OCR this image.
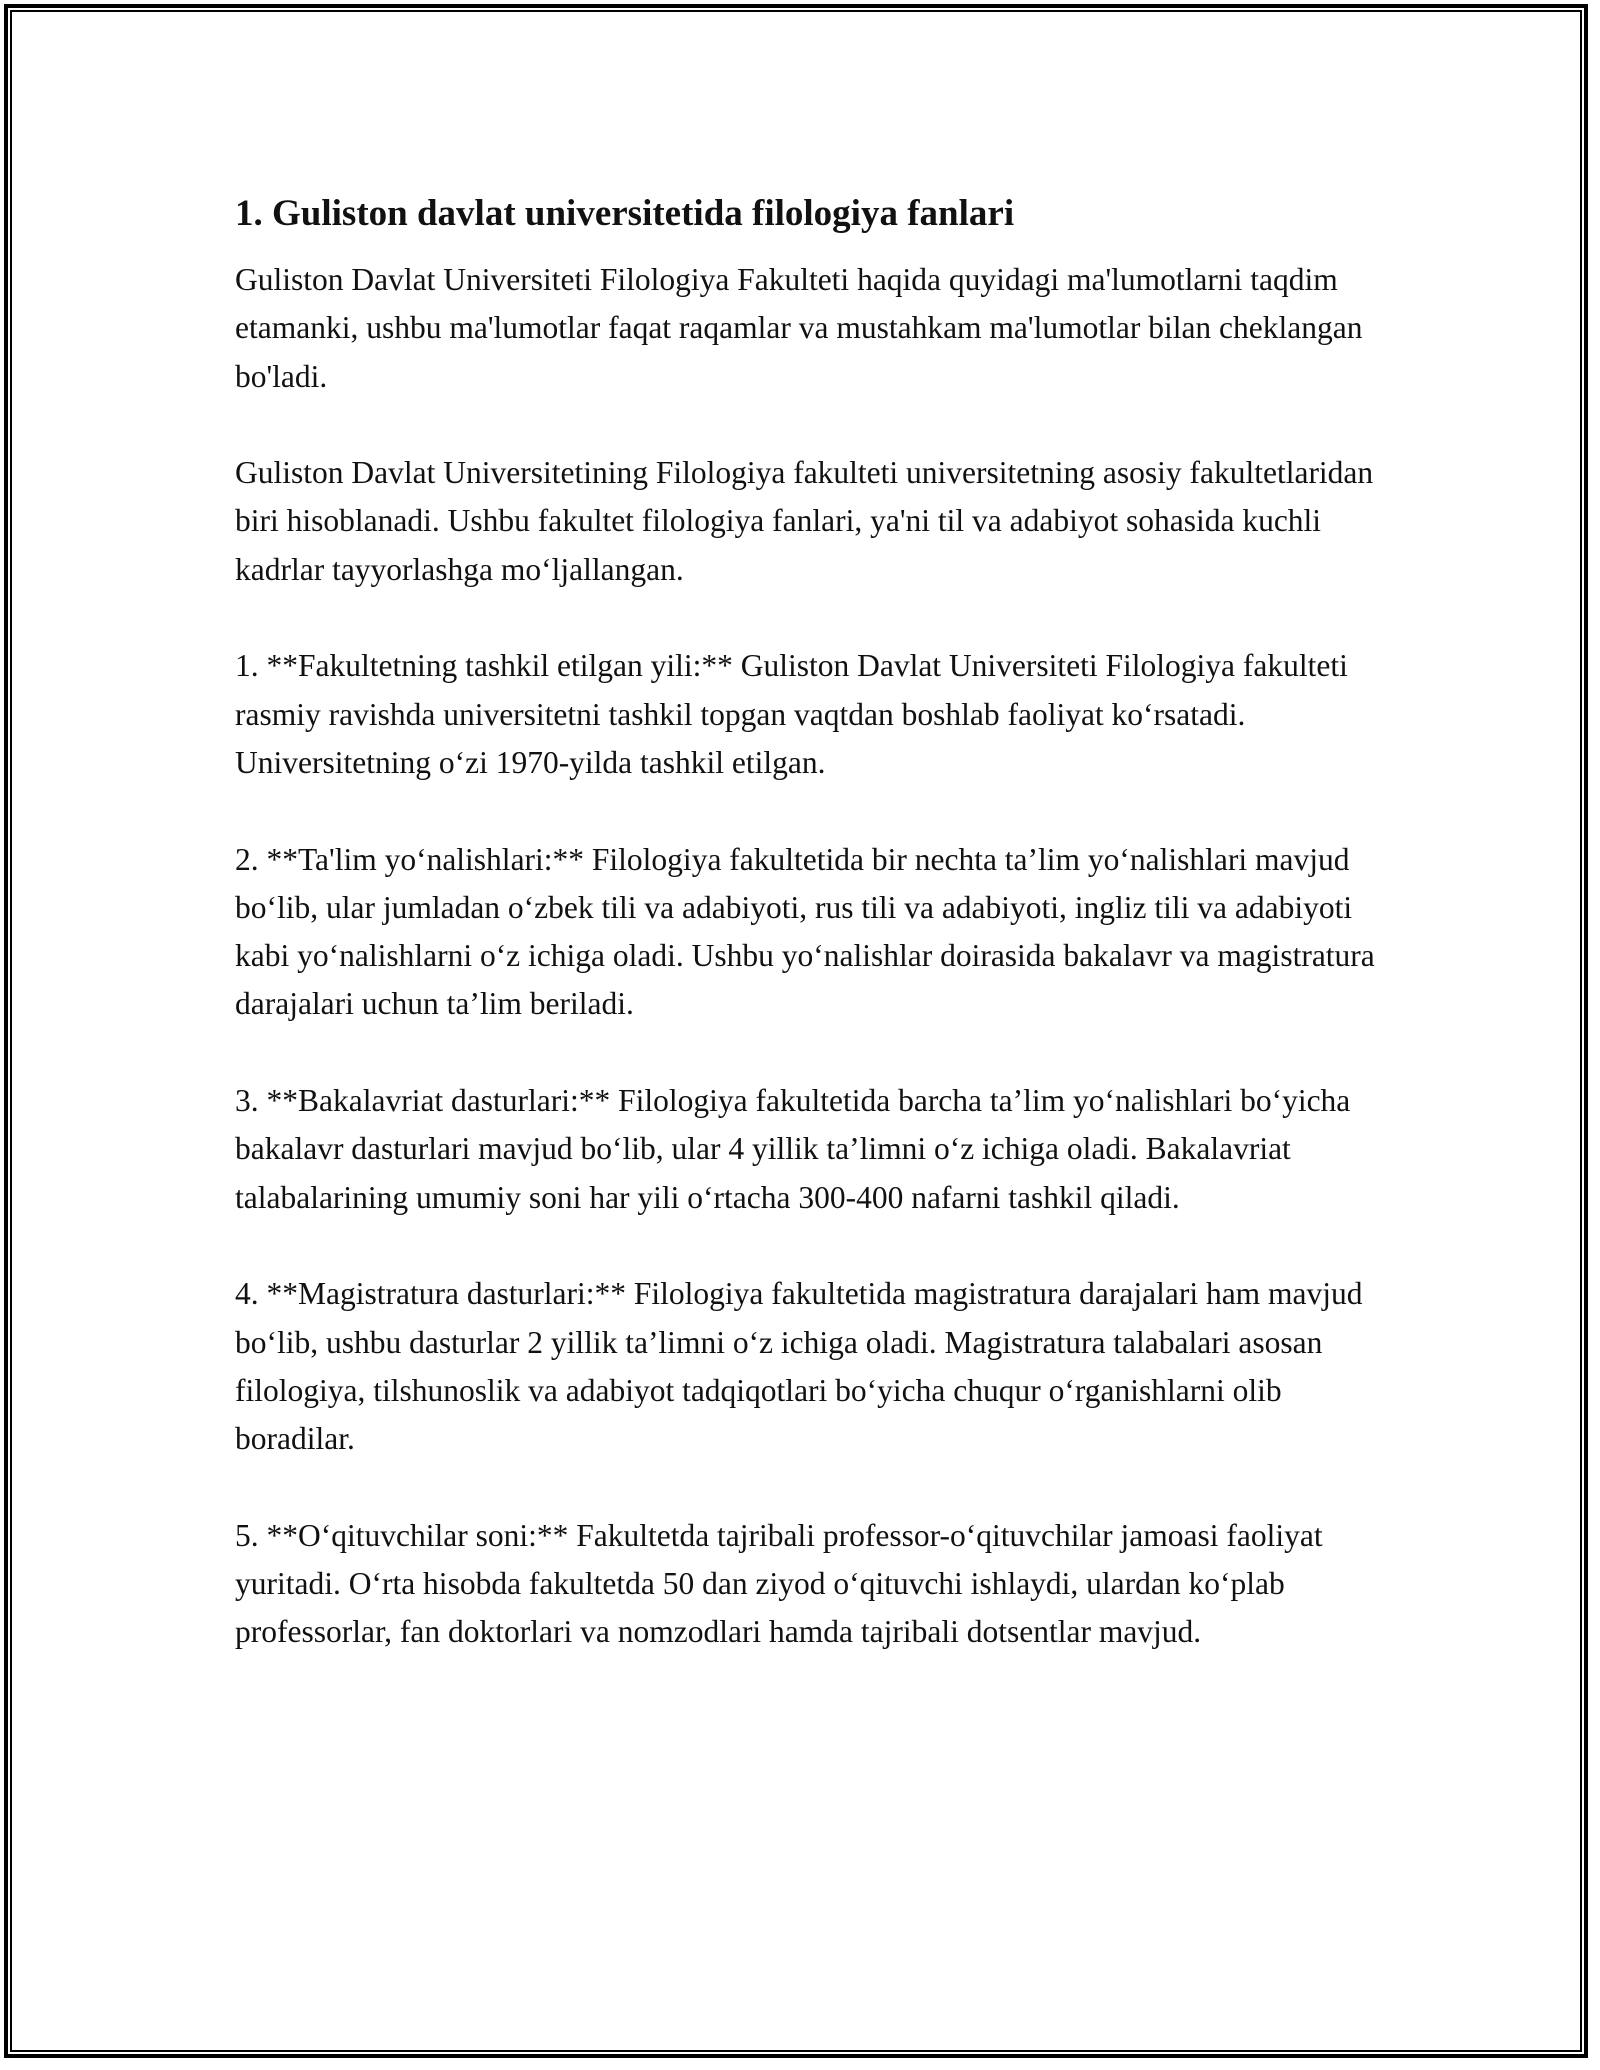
1. Guliston davlat universitetida filologiya fanlari

Guliston Davlat Universiteti Filologiya Fakulteti haqida quyidagi ma'lumotlarni taqdim etamanki, ushbu ma'lumotlar faqat raqamlar va mustahkam ma'lumotlar bilan cheklangan bo'ladi.

Guliston Davlat Universitetining Filologiya fakulteti universitetning asosiy fakultetlaridan biri hisoblanadi. Ushbu fakultet filologiya fanlari, ya'ni til va adabiyot sohasida kuchli kadrlar tayyorlashga mo‘ljallangan.

1. **Fakultetning tashkil etilgan yili:** Guliston Davlat Universiteti Filologiya fakulteti rasmiy ravishda universitetni tashkil topgan vaqtdan boshlab faoliyat ko‘rsatadi. Universitetning o‘zi 1970-yilda tashkil etilgan.

2. **Ta'lim yo‘nalishlari:** Filologiya fakultetida bir nechta ta’lim yo‘nalishlari mavjud bo‘lib, ular jumladan o‘zbek tili va adabiyoti, rus tili va adabiyoti, ingliz tili va adabiyoti kabi yo‘nalishlarni o‘z ichiga oladi. Ushbu yo‘nalishlar doirasida bakalavr va magistratura darajalari uchun ta’lim beriladi.

3. **Bakalavriat dasturlari:** Filologiya fakultetida barcha ta’lim yo‘nalishlari bo‘yicha bakalavr dasturlari mavjud bo‘lib, ular 4 yillik ta’limni o‘z ichiga oladi. Bakalavriat talabalarining umumiy soni har yili o‘rtacha 300-400 nafarni tashkil qiladi.

4. **Magistratura dasturlari:** Filologiya fakultetida magistratura darajalari ham mavjud bo‘lib, ushbu dasturlar 2 yillik ta’limni o‘z ichiga oladi. Magistratura talabalari asosan filologiya, tilshunoslik va adabiyot tadqiqotlari bo‘yicha chuqur o‘rganishlarni olib boradilar.

5. **O‘qituvchilar soni:** Fakultetda tajribali professor-o‘qituvchilar jamoasi faoliyat yuritadi. O‘rta hisobda fakultetda 50 dan ziyod o‘qituvchi ishlaydi, ulardan ko‘plab professorlar, fan doktorlari va nomzodlari hamda tajribali dotsentlar mavjud.
